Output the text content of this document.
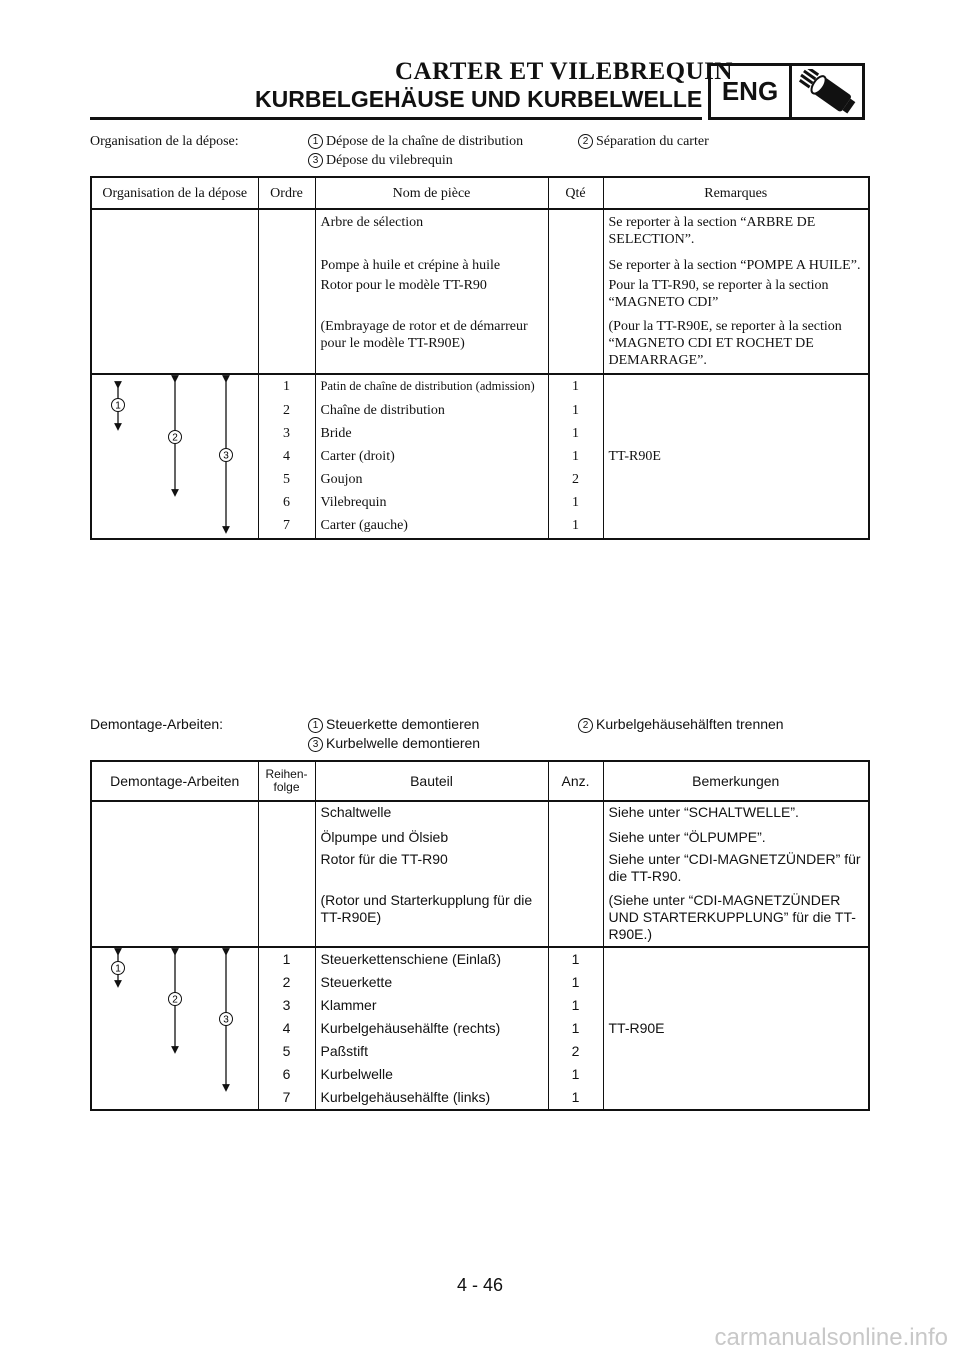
CARTER ET VILEBREQUIN
KURBELGEHÄUSE UND KURBELWELLE ENG
Organisation de la dépose:	1 Dépose de la chaîne de distribution	2 Séparation du carter
3 Dépose du vilebrequin
Organisation de la dépose	Ordre	Nom de pièce	Qté	Remarques
		Arbre de sélection		Se reporter à la section “ARBRE DE SELECTION”.
		Pompe à huile et crépine à huile		Se reporter à la section “POMPE A HUILE”.
		Rotor pour le modèle TT-R90		Pour la TT-R90, se reporter à la section “MAGNETO CDI”
		(Embrayage de rotor et de démarreur pour le modèle TT-R90E)		(Pour la TT-R90E, se reporter à la section “MAGNETO CDI ET ROCHET DE DEMARRAGE”.

1
2
3	1	Patin de chaîne de distribution (admission)	1	TT-R90E
	2	Chaîne de distribution	1	
	3	Bride	1	
	4	Carter (droit)	1	
	5	Goujon	2	
	6	Vilebrequin	1	
	7	Carter (gauche)	1	
Demontage-Arbeiten:	1 Steuerkette demontieren	2 Kurbelgehäusehälften trennen
3 Kurbelwelle demontieren
Demontage-Arbeiten	Reihen-folge	Bauteil	Anz.	Bemerkungen
		Schaltwelle		Siehe unter “SCHALTWELLE”.
		Ölpumpe und Ölsieb		Siehe unter “ÖLPUMPE”.
		Rotor für die TT-R90		Siehe unter “CDI-MAGNETZÜNDER” für die TT-R90.
		(Rotor und Starterkupplung für die TT-R90E)		(Siehe unter “CDI-MAGNETZÜNDER UND STARTERKUPPLUNG” für die TT-R90E.)

1
2
3	1	Steuerkettenschiene (Einlaß)	1	TT-R90E
	2	Steuerkette	1	
	3	Klammer	1	
	4	Kurbelgehäusehälfte (rechts)	1	
	5	Paßstift	2	
	6	Kurbelwelle	1	
	7	Kurbelgehäusehälfte (links)	1	
4 - 46
carmanualsonline.info
